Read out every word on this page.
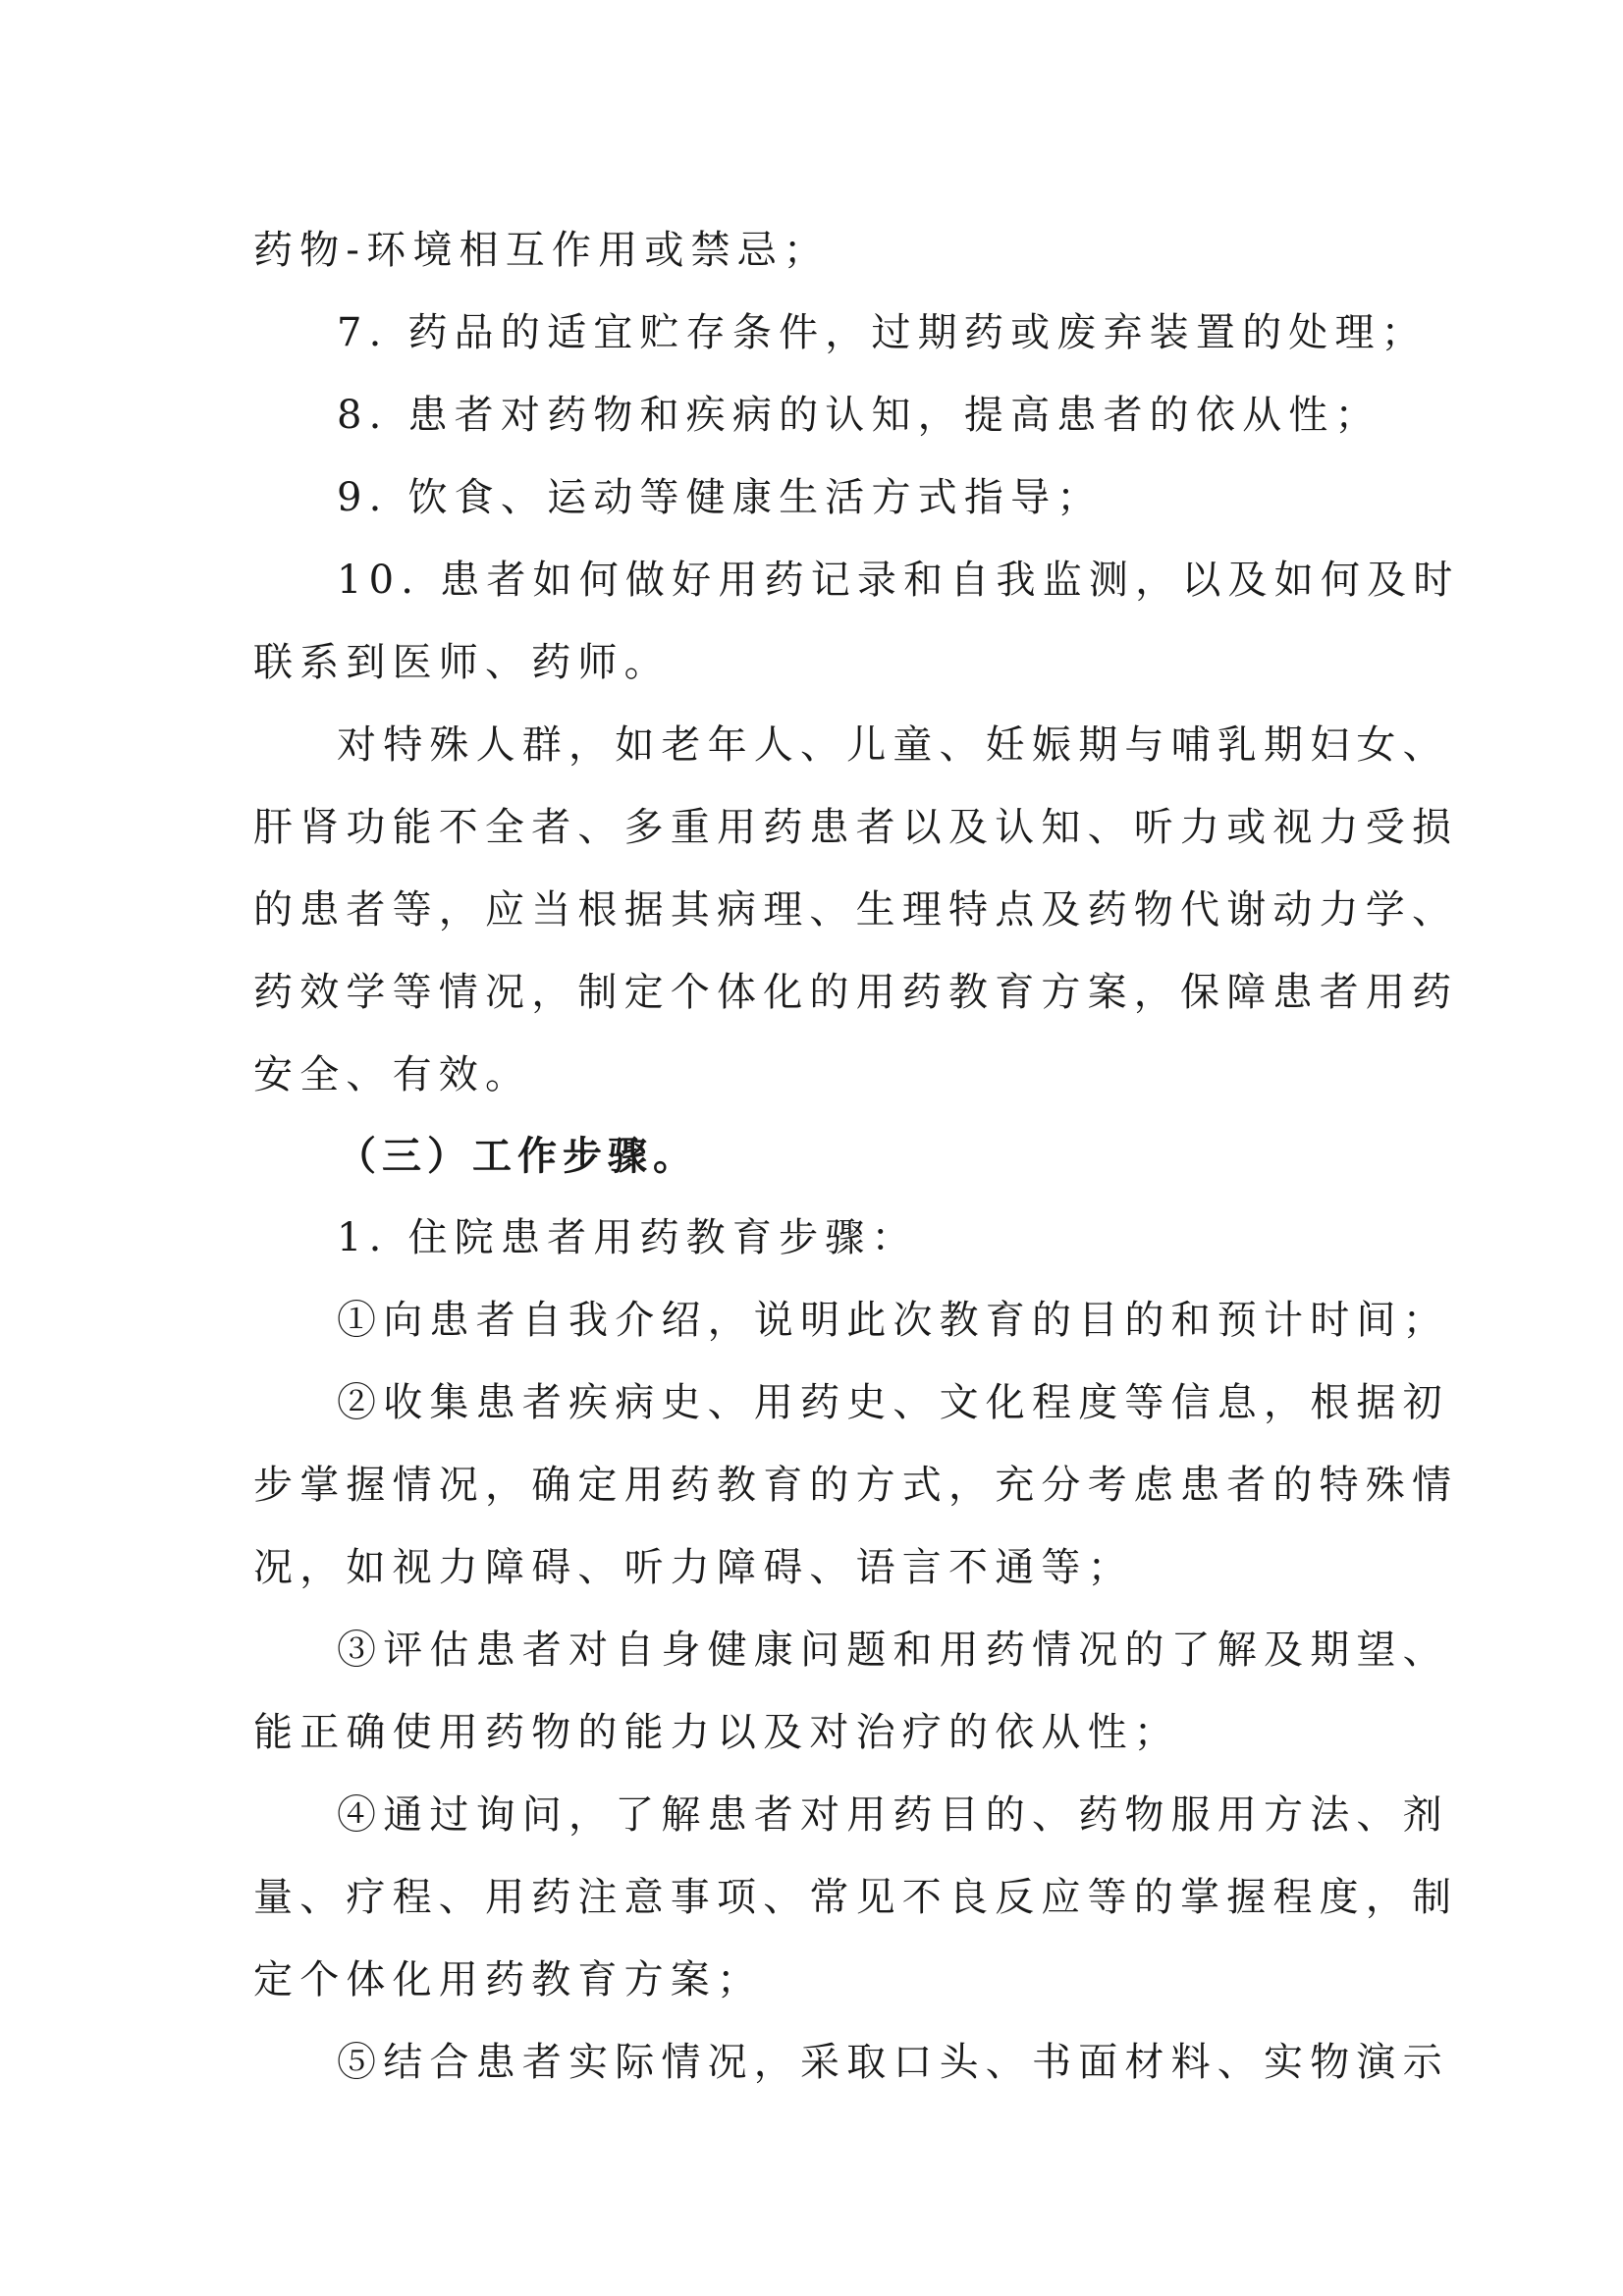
药物-环境相互作用或禁忌；
7. 药品的适宜贮存条件，过期药或废弃装置的处理；
8. 患者对药物和疾病的认知，提高患者的依从性；
9. 饮食、运动等健康生活方式指导；
10. 患者如何做好用药记录和自我监测，以及如何及时
联系到医师、药师。
对特殊人群，如老年人、儿童、妊娠期与哺乳期妇女、
肝肾功能不全者、多重用药患者以及认知、听力或视力受损
的患者等，应当根据其病理、生理特点及药物代谢动力学、
药效学等情况，制定个体化的用药教育方案，保障患者用药
安全、有效。
（三）工作步骤。
1. 住院患者用药教育步骤：
①向患者自我介绍，说明此次教育的目的和预计时间；
②收集患者疾病史、用药史、文化程度等信息，根据初
步掌握情况，确定用药教育的方式，充分考虑患者的特殊情
况，如视力障碍、听力障碍、语言不通等；
③评估患者对自身健康问题和用药情况的了解及期望、
能正确使用药物的能力以及对治疗的依从性；
④通过询问，了解患者对用药目的、药物服用方法、剂
量、疗程、用药注意事项、常见不良反应等的掌握程度，制
定个体化用药教育方案；
⑤结合患者实际情况，采取口头、书面材料、实物演示
